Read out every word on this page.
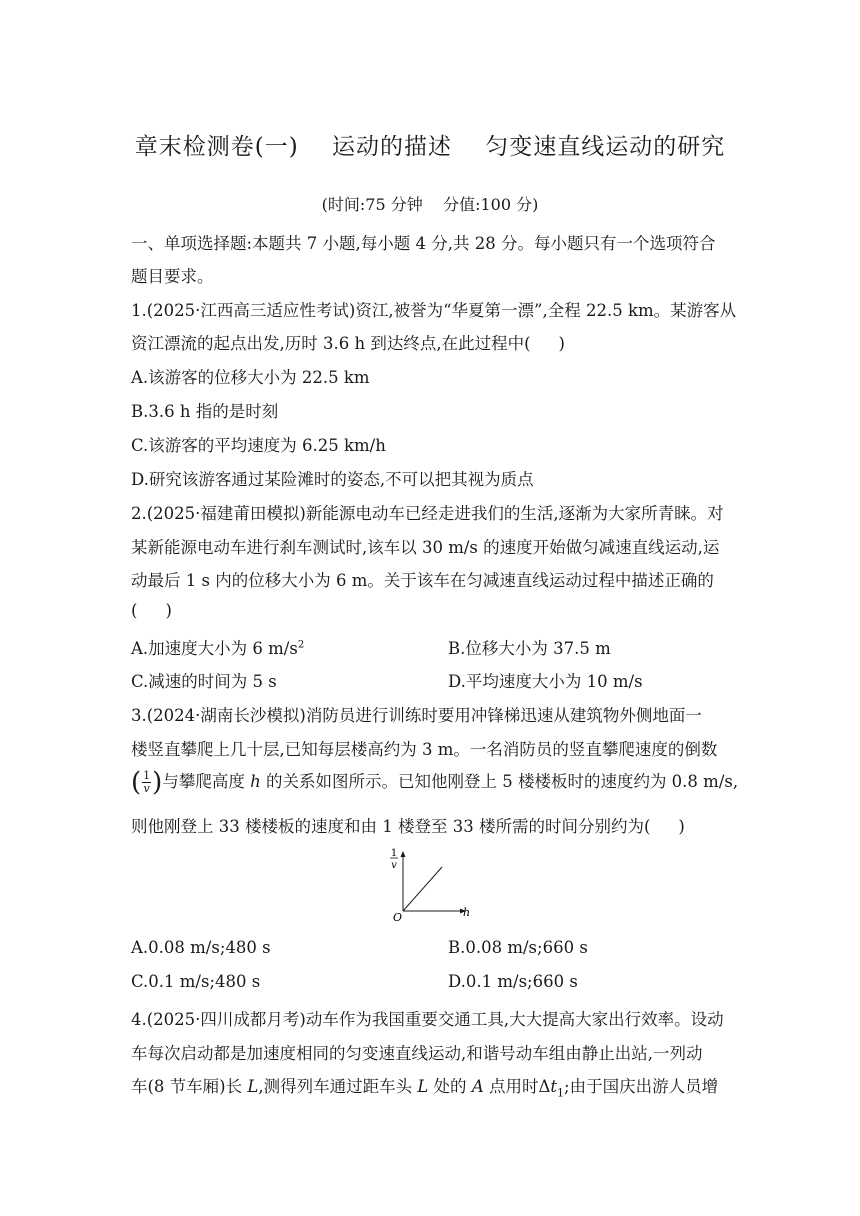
章末检测卷(一)    运动的描述    匀变速直线运动的研究
(时间:75 分钟    分值:100 分)
一、单项选择题:本题共 7 小题,每小题 4 分,共 28 分。每小题只有一个选项符合
题目要求。
1.(2025·江西高三适应性考试)资江,被誉为“华夏第一漂”,全程 22.5 km。某游客从
资江漂流的起点出发,历时 3.6 h 到达终点,在此过程中( )
A.该游客的位移大小为 22.5 km
B.3.6 h 指的是时刻
C.该游客的平均速度为 6.25 km/h
D.研究该游客通过某险滩时的姿态,不可以把其视为质点
2.(2025·福建莆田模拟)新能源电动车已经走进我们的生活,逐渐为大家所青睐。对
某新能源电动车进行刹车测试时,该车以 30 m/s 的速度开始做匀减速直线运动,运
动最后 1 s 内的位移大小为 6 m。关于该车在匀减速直线运动过程中描述正确的
( )
A.加速度大小为 6 $m/s^2$	B.位移大小为 37.5 m
C.减速的时间为 5 s	D.平均速度大小为 10 m/s
3.(2024·湖南长沙模拟)消防员进行训练时要用冲锋梯迅速从建筑物外侧地面一
楼竖直攀爬上几十层,已知每层楼高约为 3 m。一名消防员的竖直攀爬速度的倒数
( $\frac{1}{v}$ )与攀爬高度 h 的关系如图所示。已知他刚登上 5 楼楼板时的速度约为 0.8 m/s,
则他刚登上 33 楼楼板的速度和由 1 楼登至 33 楼所需的时间分别约为( )
1
v
h
O
A.0.08 m/s;480 s	B.0.08 m/s;660 s
C.0.1 m/s;480 s	D.0.1 m/s;660 s
4.(2025·四川成都月考)动车作为我国重要交通工具,大大提高大家出行效率。设动
车每次启动都是加速度相同的匀变速直线运动,和谐号动车组由静止出站,一列动
车(8 节车厢)长 L,测得列车通过距车头 L 处的 A 点用时$\Delta t_1$;由于国庆出游人员增
